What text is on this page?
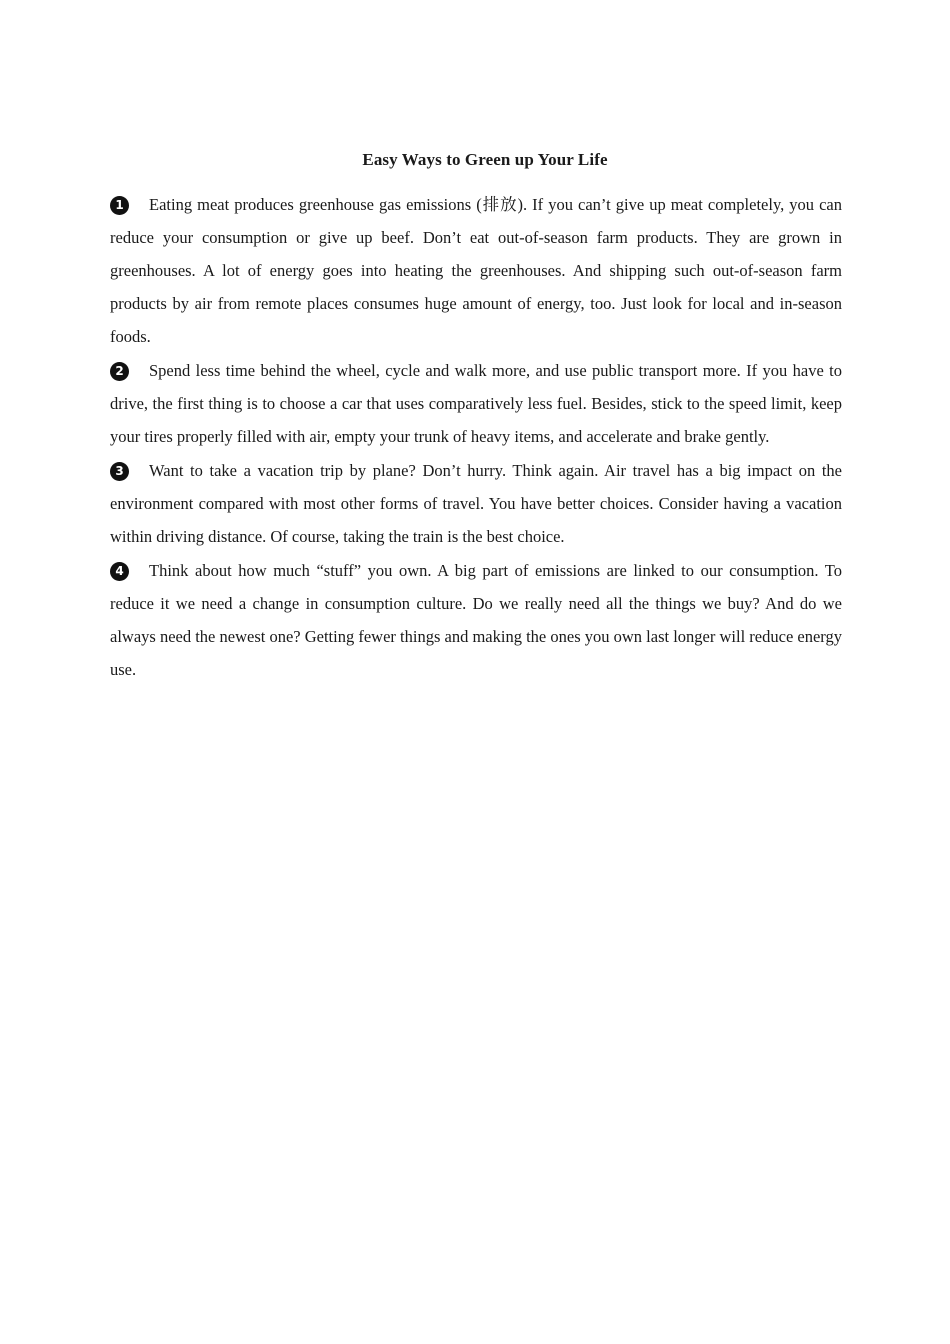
Easy Ways to Green up Your Life

1 Eating meat produces greenhouse gas emissions (排放). If you can’t give up meat completely, you can reduce your consumption or give up beef. Don’t eat out-of-season farm products. They are grown in greenhouses. A lot of energy goes into heating the greenhouses. And shipping such out-of-season farm products by air from remote places consumes huge amount of energy, too. Just look for local and in-season foods.

2 Spend less time behind the wheel, cycle and walk more, and use public transport more. If you have to drive, the first thing is to choose a car that uses comparatively less fuel. Besides, stick to the speed limit, keep your tires properly filled with air, empty your trunk of heavy items, and accelerate and brake gently.

3 Want to take a vacation trip by plane? Don’t hurry. Think again. Air travel has a big impact on the environment compared with most other forms of travel. You have better choices. Consider having a vacation within driving distance. Of course, taking the train is the best choice.

4 Think about how much “stuff” you own. A big part of emissions are linked to our consumption. To reduce it we need a change in consumption culture. Do we really need all the things we buy? And do we always need the newest one? Getting fewer things and making the ones you own last longer will reduce energy use.
